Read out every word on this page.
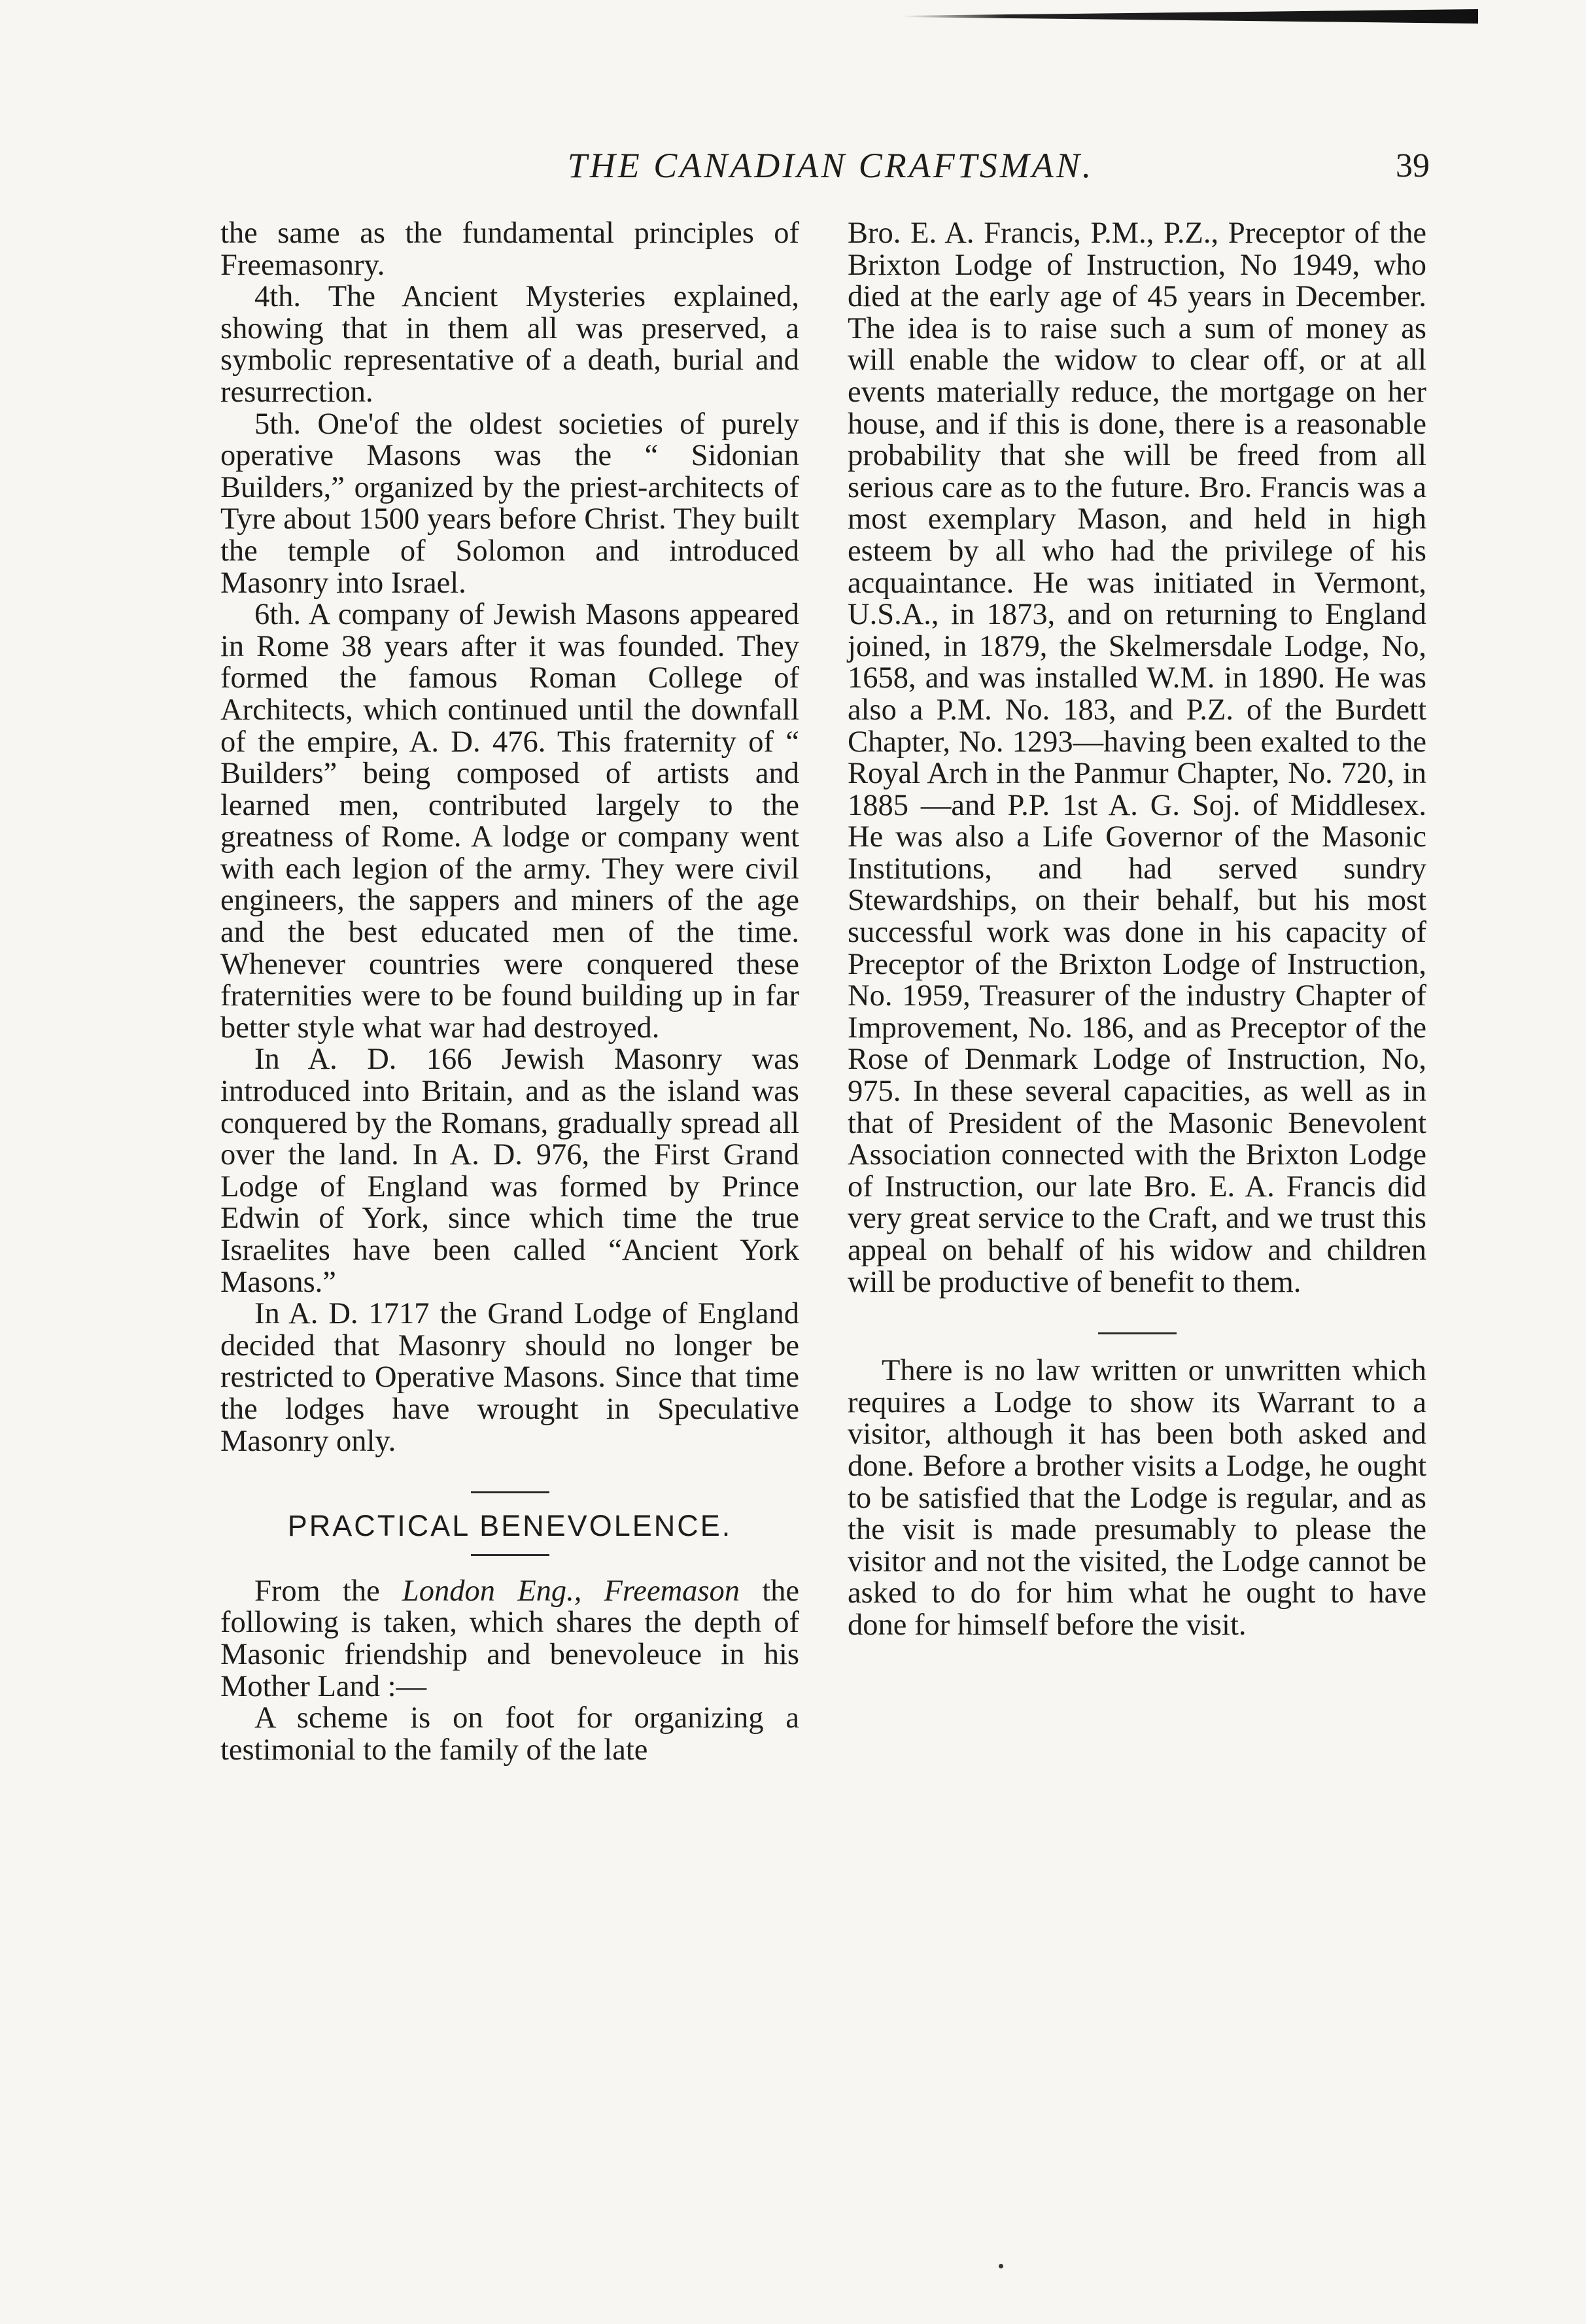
THE CANADIAN CRAFTSMAN.	39

the same as the fundamental principles of Freemasonry.

4th. The Ancient Mysteries explained, showing that in them all was preserved, a symbolic representative of a death, burial and resurrection.

5th. One'of the oldest societies of purely operative Masons was the “ Sidonian Builders,” organized by the priest-architects of Tyre about 1500 years before Christ. They built the temple of Solomon and introduced Masonry into Israel.

6th. A company of Jewish Masons appeared in Rome 38 years after it was founded. They formed the famous Roman College of Architects, which continued until the downfall of the empire, A. D. 476. This fraternity of “ Builders” being composed of artists and learned men, contributed largely to the greatness of Rome. A lodge or company went with each legion of the army. They were civil engineers, the sappers and miners of the age and the best educated men of the time. Whenever countries were conquered these fraternities were to be found building up in far better style what war had destroyed.

In A. D. 166 Jewish Masonry was introduced into Britain, and as the island was conquered by the Romans, gradually spread all over the land. In A. D. 976, the First Grand Lodge of England was formed by Prince Edwin of York, since which time the true Israelites have been called “Ancient York Masons.”

In A. D. 1717 the Grand Lodge of England decided that Masonry should no longer be restricted to Operative Masons. Since that time the lodges have wrought in Speculative Masonry only.

PRACTICAL BENEVOLENCE.

From the London Eng., Freemason the following is taken, which shares the depth of Masonic friendship and benevoleuce in his Mother Land :—

A scheme is on foot for organizing a testimonial to the family of the late

Bro. E. A. Francis, P.M., P.Z., Preceptor of the Brixton Lodge of Instruction, No 1949, who died at the early age of 45 years in December. The idea is to raise such a sum of money as will enable the widow to clear off, or at all events materially reduce, the mortgage on her house, and if this is done, there is a reasonable probability that she will be freed from all serious care as to the future. Bro. Francis was a most exemplary Mason, and held in high esteem by all who had the privilege of his acquaintance. He was initiated in Vermont, U.S.A., in 1873, and on returning to England joined, in 1879, the Skelmersdale Lodge, No, 1658, and was installed W.M. in 1890. He was also a P.M. No. 183, and P.Z. of the Burdett Chapter, No. 1293—having been exalted to the Royal Arch in the Panmur Chapter, No. 720, in 1885 —and P.P. 1st A. G. Soj. of Middlesex. He was also a Life Governor of the Masonic Institutions, and had served sundry Stewardships, on their behalf, but his most successful work was done in his capacity of Preceptor of the Brixton Lodge of Instruction, No. 1959, Treasurer of the industry Chapter of Improvement, No. 186, and as Preceptor of the Rose of Denmark Lodge of Instruction, No, 975. In these several capacities, as well as in that of President of the Masonic Benevolent Association connected with the Brixton Lodge of Instruction, our late Bro. E. A. Francis did very great service to the Craft, and we trust this appeal on behalf of his widow and children will be productive of benefit to them.

There is no law written or unwritten which requires a Lodge to show its Warrant to a visitor, although it has been both asked and done. Before a brother visits a Lodge, he ought to be satisfied that the Lodge is regular, and as the visit is made presumably to please the visitor and not the visited, the Lodge cannot be asked to do for him what he ought to have done for himself before the visit.
